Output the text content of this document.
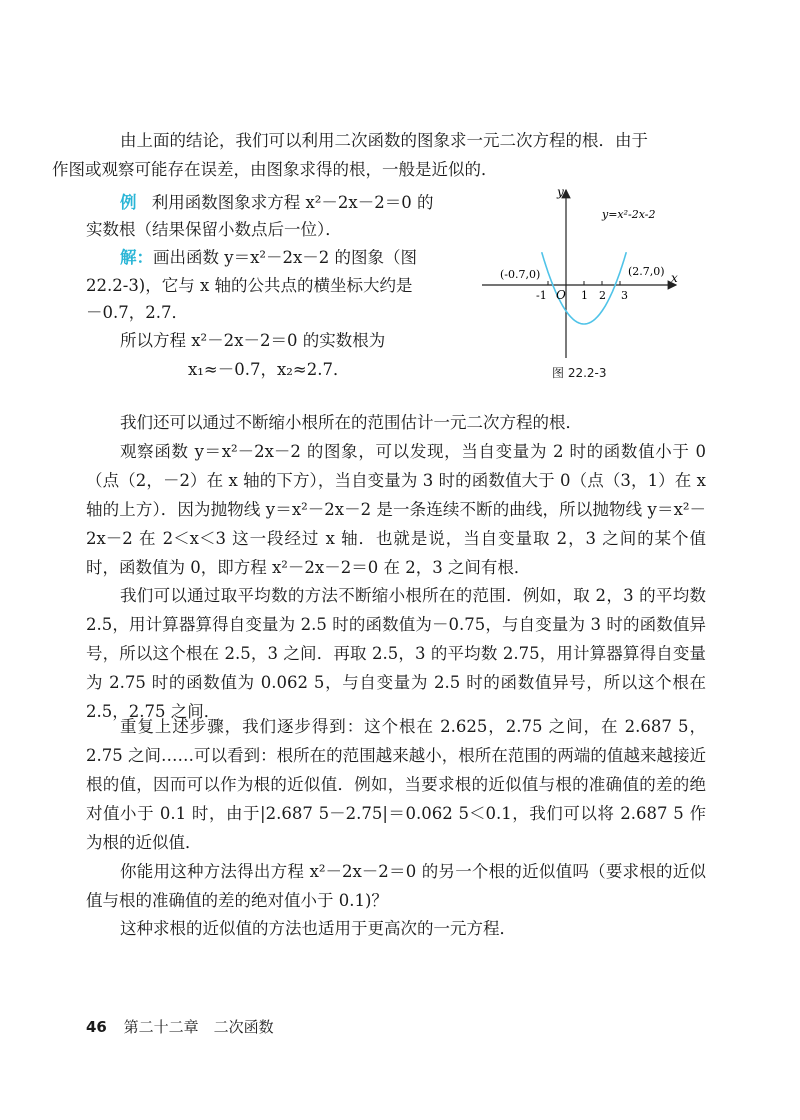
由上面的结论，我们可以利用二次函数的图象求一元二次方程的根．由于
作图或观察可能存在误差，由图象求得的根，一般是近似的．

例 利用函数图象求方程 x²－2x－2＝0 的

实数根（结果保留小数点后一位）．

解：画出函数 y＝x²－2x－2 的图象（图

22.2-3)，它与 x 轴的公共点的横坐标大约是

－0.7，2.7．

所以方程 x²－2x－2＝0 的实数根为

x₁≈－0.7，x₂≈2.7．

y
x
O
-1	1 2 3
(-0.7,0)	(2.7,0)
y=x²-2x-2
图 22.2-3

我们还可以通过不断缩小根所在的范围估计一元二次方程的根．

观察函数 y＝x²－2x－2 的图象，可以发现，当自变量为 2 时的函数值小于 0（点（2，－2）在 x 轴的下方），当自变量为 3 时的函数值大于 0（点（3，1）在 x 轴的上方）．因为抛物线 y＝x²－2x－2 是一条连续不断的曲线，所以抛物线 y＝x²－2x－2 在 2＜x＜3 这一段经过 x 轴．也就是说，当自变量取 2，3 之间的某个值时，函数值为 0，即方程 x²－2x－2＝0 在 2，3 之间有根．

我们可以通过取平均数的方法不断缩小根所在的范围．例如，取 2，3 的平均数 2.5，用计算器算得自变量为 2.5 时的函数值为－0.75，与自变量为 3 时的函数值异号，所以这个根在 2.5，3 之间．再取 2.5，3 的平均数 2.75，用计算器算得自变量为 2.75 时的函数值为 0.062 5，与自变量为 2.5 时的函数值异号，所以这个根在 2.5，2.75 之间．

重复上述步骤，我们逐步得到：这个根在 2.625，2.75 之间，在 2.687 5，2.75 之间……可以看到：根所在的范围越来越小，根所在范围的两端的值越来越接近根的值，因而可以作为根的近似值．例如，当要求根的近似值与根的准确值的差的绝对值小于 0.1 时，由于|2.687 5－2.75|＝0.062 5＜0.1，我们可以将 2.687 5 作为根的近似值．

你能用这种方法得出方程 x²－2x－2＝0 的另一个根的近似值吗（要求根的近似值与根的准确值的差的绝对值小于 0.1)？

这种求根的近似值的方法也适用于更高次的一元方程．

46 第二十二章　二次函数
